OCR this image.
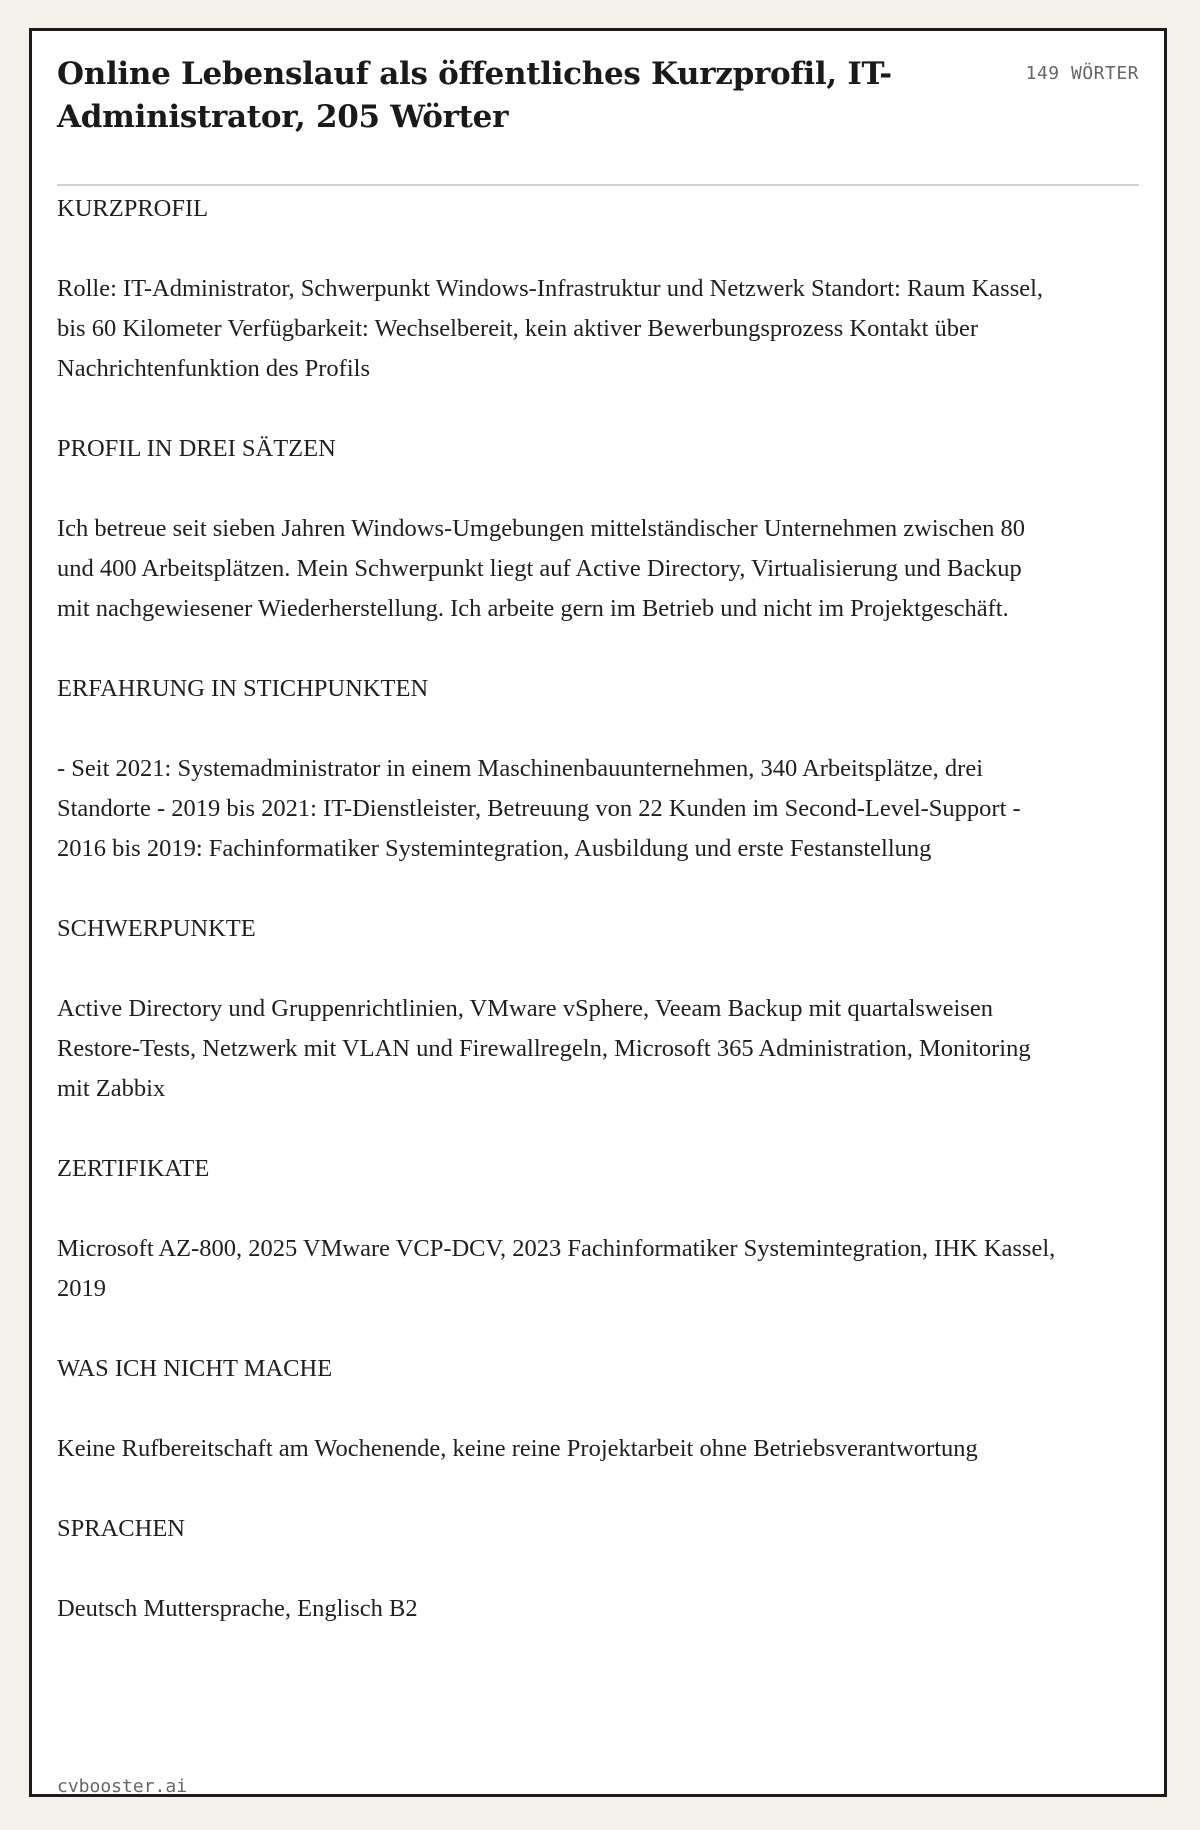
Online Lebenslauf als öffentliches Kurzprofil, IT-Administrator, 205 Wörter
149 WÖRTER
KURZPROFIL

Rolle: IT-Administrator, Schwerpunkt Windows-Infrastruktur und Netzwerk Standort: Raum Kassel, bis 60 Kilometer Verfügbarkeit: Wechselbereit, kein aktiver Bewerbungsprozess Kontakt über Nachrichtenfunktion des Profils

PROFIL IN DREI SÄTZEN

Ich betreue seit sieben Jahren Windows-Umgebungen mittelständischer Unternehmen zwischen 80 und 400 Arbeitsplätzen. Mein Schwerpunkt liegt auf Active Directory, Virtualisierung und Backup mit nachgewiesener Wiederherstellung. Ich arbeite gern im Betrieb und nicht im Projektgeschäft.

ERFAHRUNG IN STICHPUNKTEN

- Seit 2021: Systemadministrator in einem Maschinenbauunternehmen, 340 Arbeitsplätze, drei Standorte - 2019 bis 2021: IT-Dienstleister, Betreuung von 22 Kunden im Second-Level-Support - 2016 bis 2019: Fachinformatiker Systemintegration, Ausbildung und erste Festanstellung

SCHWERPUNKTE

Active Directory und Gruppenrichtlinien, VMware vSphere, Veeam Backup mit quartalsweisen Restore-Tests, Netzwerk mit VLAN und Firewallregeln, Microsoft 365 Administration, Monitoring mit Zabbix

ZERTIFIKATE

Microsoft AZ-800, 2025 VMware VCP-DCV, 2023 Fachinformatiker Systemintegration, IHK Kassel, 2019

WAS ICH NICHT MACHE

Keine Rufbereitschaft am Wochenende, keine reine Projektarbeit ohne Betriebsverantwortung

SPRACHEN

Deutsch Muttersprache, Englisch B2

cvbooster.ai
